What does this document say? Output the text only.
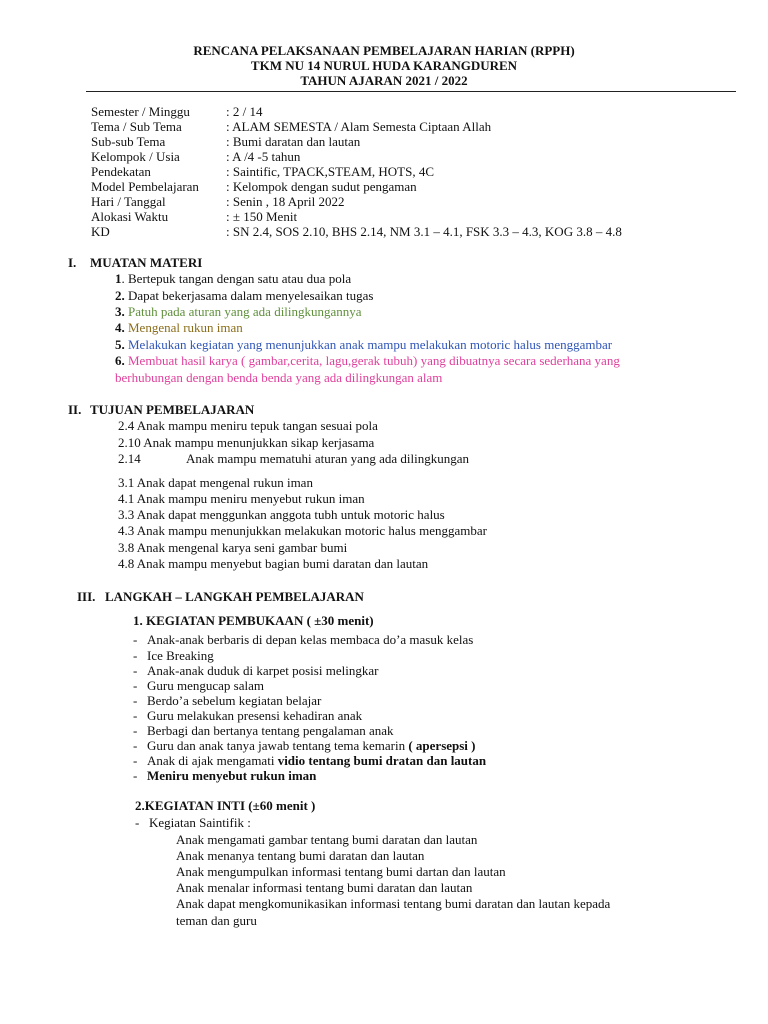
RENCANA PELAKSANAAN PEMBELAJARAN HARIAN (RPPH)
TKM NU 14 NURUL HUDA KARANGDUREN
TAHUN AJARAN 2021 / 2022
Semester / Minggu	: 2 / 14
Tema / Sub Tema	: ALAM SEMESTA / Alam Semesta Ciptaan Allah
Sub-sub Tema	: Bumi daratan dan lautan
Kelompok / Usia	: A /4 -5 tahun
Pendekatan	: Saintific, TPACK,STEAM, HOTS, 4C
Model Pembelajaran : Kelompok dengan sudut pengaman
Hari / Tanggal	: Senin , 18 April 2022
Alokasi Waktu	: ± 150 Menit
KD	: SN 2.4, SOS 2.10, BHS 2.14, NM 3.1 – 4.1, FSK 3.3 – 4.3, KOG 3.8 – 4.8
I. MUATAN MATERI
1. Bertepuk tangan dengan satu atau dua pola
2. Dapat bekerjasama dalam menyelesaikan tugas
3. Patuh pada aturan yang ada dilingkungannya
4. Mengenal rukun iman
5. Melakukan kegiatan yang menunjukkan anak mampu melakukan motoric halus menggambar
6. Membuat hasil karya ( gambar,cerita, lagu,gerak tubuh) yang dibuatnya secara sederhana yang
berhubungan dengan benda benda yang ada dilingkungan alam
II. TUJUAN PEMBELAJARAN
2.4 Anak mampu meniru tepuk tangan sesuai pola
2.10 Anak mampu menunjukkan sikap kerjasama
2.14	Anak mampu mematuhi aturan yang ada dilingkungan
3.1 Anak dapat mengenal rukun iman
4.1 Anak mampu meniru menyebut rukun iman
3.3 Anak dapat menggunkan anggota tubh untuk motoric halus
4.3 Anak mampu menunjukkan melakukan motoric halus menggambar
3.8 Anak mengenal karya seni gambar bumi
4.8 Anak mampu menyebut bagian bumi daratan dan lautan
III. LANGKAH – LANGKAH PEMBELAJARAN
1. KEGIATAN PEMBUKAAN ( ±30 menit)
- Anak-anak berbaris di depan kelas membaca do’a masuk kelas
- Ice Breaking
- Anak-anak duduk di karpet posisi melingkar
- Guru mengucap salam
- Berdo’a sebelum kegiatan belajar
- Guru melakukan presensi kehadiran anak
- Berbagi dan bertanya tentang pengalaman anak
- Guru dan anak tanya jawab tentang tema kemarin ( apersepsi )
- Anak di ajak mengamati vidio tentang bumi dratan dan lautan
- Meniru menyebut rukun iman
2.KEGIATAN INTI (±60 menit )
- Kegiatan Saintifik :
Anak mengamati gambar tentang bumi daratan dan lautan
Anak menanya tentang bumi daratan dan lautan
Anak mengumpulkan informasi tentang bumi dartan dan lautan
Anak menalar informasi tentang bumi daratan dan lautan
Anak dapat mengkomunikasikan informasi tentang bumi daratan dan lautan kepada
teman dan guru
